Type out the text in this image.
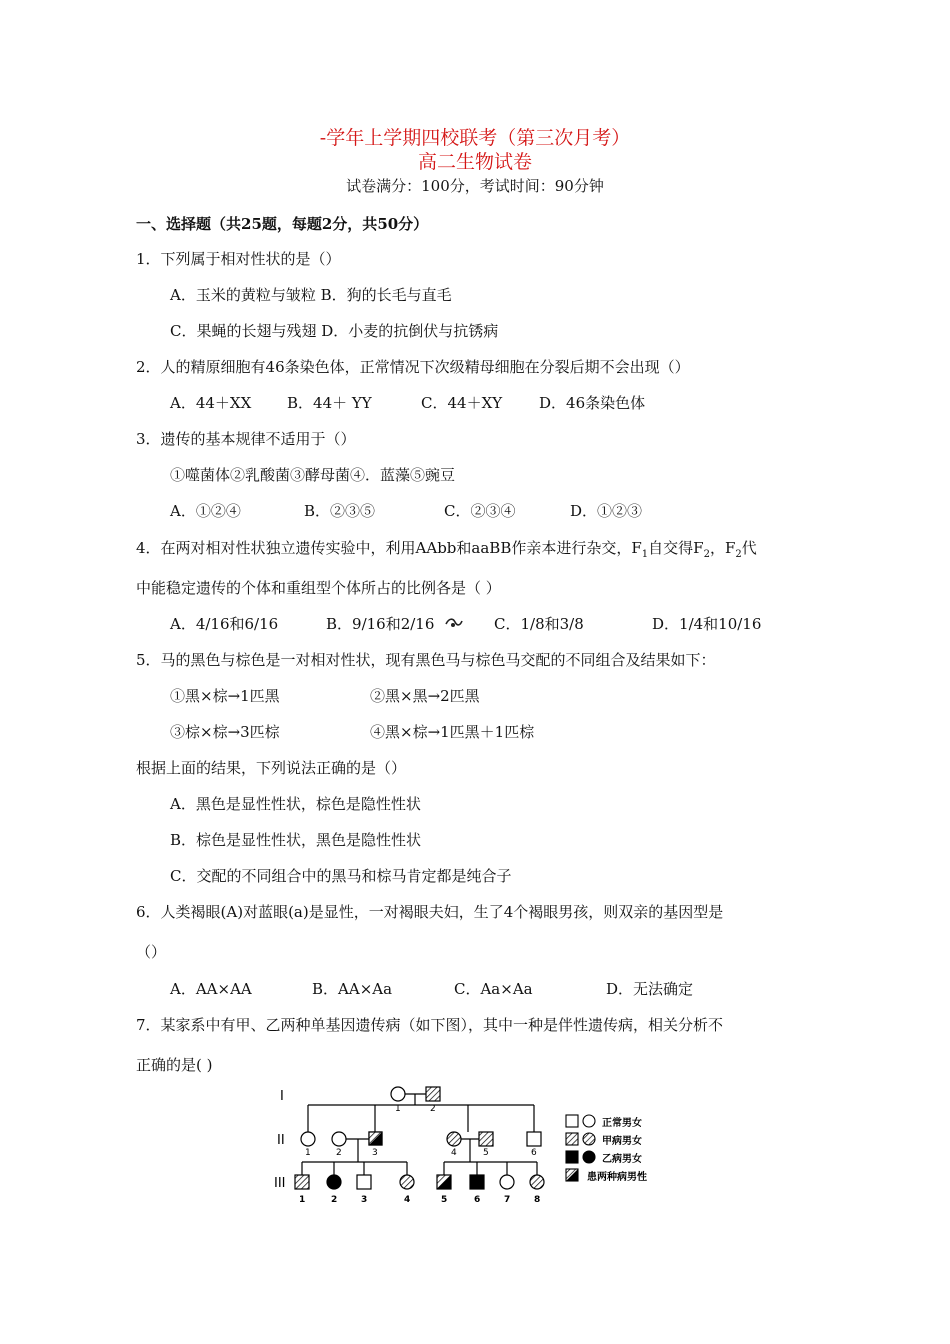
-学年上学期四校联考（第三次月考）
高二生物试卷
试卷满分：100分，考试时间：90分钟
一、选择题（共25题，每题2分，共50分）
1．下列属于相对性状的是（）
A．玉米的黄粒与皱粒 B．狗的长毛与直毛
C．果蝇的长翅与残翅 D．小麦的抗倒伏与抗锈病
2．人的精原细胞有46条染色体，正常情况下次级精母细胞在分裂后期不会出现（）
A．44＋XX B．44＋ YY	C．44＋XY D．46条染色体
3．遗传的基本规律不适用于（）
①噬菌体②乳酸菌③酵母菌④．蓝藻⑤豌豆
A．①②④	B．②③⑤	C．②③④	D．①②③
4．在两对相对性状独立遗传实验中，利用AAbb和aaBB作亲本进行杂交，$F_1$自交得$F_2$，$F_2$代
中能稳定遗传的个体和重组型个体所占的比例各是（ ）
A．4/16和6/16	B．9/16和2/16	C．1/8和3/8	D．1/4和10/16
5．马的黑色与棕色是一对相对性状，现有黑色马与棕色马交配的不同组合及结果如下：
①黑×棕→1匹黑	②黑×黑→2匹黑
③棕×棕→3匹棕	④黑×棕→1匹黑＋1匹棕
根据上面的结果，下列说法正确的是（）
A．黑色是显性性状，棕色是隐性性状
B．棕色是显性性状，黑色是隐性性状
C．交配的不同组合中的黑马和棕马肯定都是纯合子
6．人类褐眼(A)对蓝眼(a)是显性，一对褐眼夫妇，生了4个褐眼男孩，则双亲的基因型是
（）
A．AA×AA	B．AA×Aa	C．Aa×Aa	D．无法确定
7．某家系中有甲、乙两种单基因遗传病（如下图），其中一种是伴性遗传病，相关分析不
正确的是( )
I
II
III
1	2
1	2	3	4	5	6
1	2	3	4	5	6	7	8
正常男女
甲病男女
乙病男女
患两种病男性
